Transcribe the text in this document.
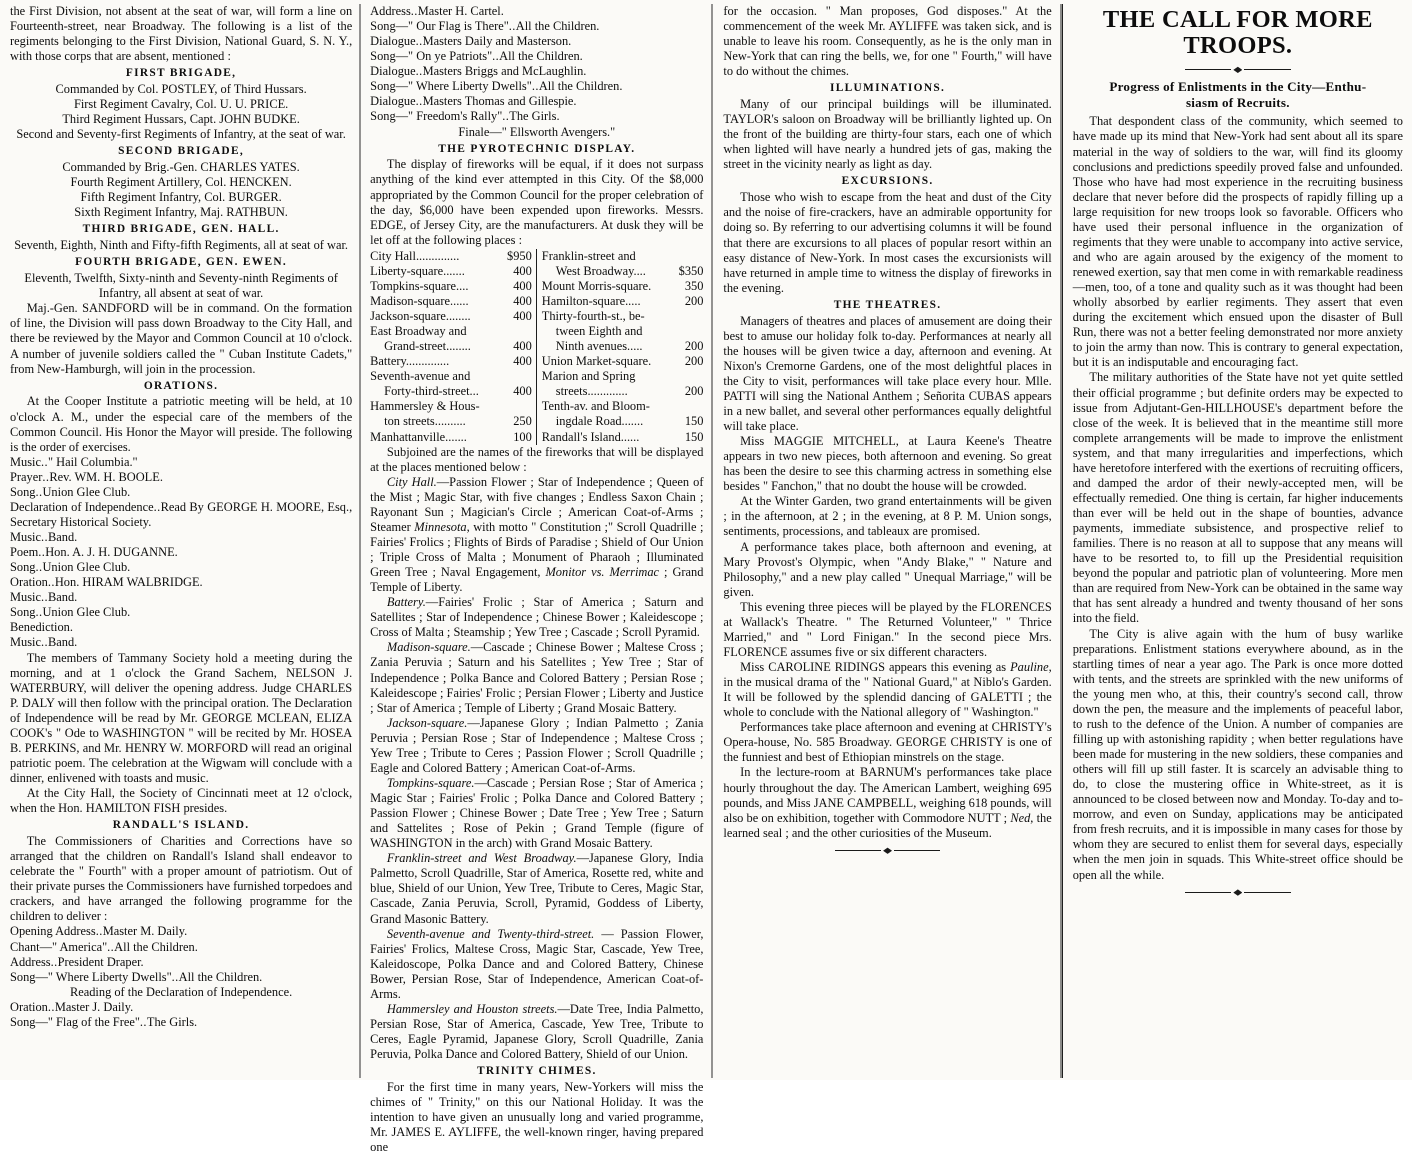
the First Division, not absent at the seat of war, will form a line on Fourteenth-street, near Broadway. The following is a list of the regiments belonging to the First Division, National Guard, S. N. Y., with those corps that are absent, mentioned :

FIRST BRIGADE,

Commanded by Col. POSTLEY, of Third Hussars.

First Regiment Cavalry, Col. U. U. PRICE.

Third Regiment Hussars, Capt. JOHN BUDKE.

Second and Seventy-first Regiments of Infantry, at the seat of war.

SECOND BRIGADE,

Commanded by Brig.-Gen. CHARLES YATES.

Fourth Regiment Artillery, Col. HENCKEN.

Fifth Regiment Infantry, Col. BURGER.

Sixth Regiment Infantry, Maj. RATHBUN.

THIRD BRIGADE, GEN. HALL.

Seventh, Eighth, Ninth and Fifty-fifth Regiments, all at seat of war.

FOURTH BRIGADE, GEN. EWEN.

Eleventh, Twelfth, Sixty-ninth and Seventy-ninth Regiments of Infantry, all absent at seat of war.

Maj.-Gen. SANDFORD will be in command. On the formation of line, the Division will pass down Broadway to the City Hall, and there be reviewed by the Mayor and Common Council at 10 o'clock. A number of juvenile soldiers called the " Cuban Institute Cadets," from New-Hamburgh, will join in the procession.

ORATIONS.

At the Cooper Institute a patriotic meeting will be held, at 10 o'clock A. M., under the especial care of the members of the Common Council. His Honor the Mayor will preside. The following is the order of exercises.

Music.." Hail Columbia."

Prayer..Rev. WM. H. BOOLE.

Song..Union Glee Club.

Declaration of Independence..Read By GEORGE H. MOORE, Esq., Secretary Historical Society.

Music..Band.

Poem..Hon. A. J. H. DUGANNE.

Song..Union Glee Club.

Oration..Hon. HIRAM WALBRIDGE.

Music..Band.

Song..Union Glee Club.

Benediction.

Music..Band.

The members of Tammany Society hold a meeting during the morning, and at 1 o'clock the Grand Sachem, NELSON J. WATERBURY, will deliver the opening address. Judge CHARLES P. DALY will then follow with the principal oration. The Declaration of Independence will be read by Mr. GEORGE MCLEAN, ELIZA COOK's " Ode to WASHINGTON " will be recited by Mr. HOSEA B. PERKINS, and Mr. HENRY W. MORFORD will read an original patriotic poem. The celebration at the Wigwam will conclude with a dinner, enlivened with toasts and music.

At the City Hall, the Society of Cincinnati meet at 12 o'clock, when the Hon. HAMILTON FISH presides.

RANDALL'S ISLAND.

The Commissioners of Charities and Corrections have so arranged that the children on Randall's Island shall endeavor to celebrate the " Fourth" with a proper amount of patriotism. Out of their private purses the Commissioners have furnished torpedoes and crackers, and have arranged the following programme for the children to deliver :

Opening Address..Master M. Daily.

Chant—" America"..All the Children.

Address..President Draper.

Song—" Where Liberty Dwells"..All the Children.

Reading of the Declaration of Independence.

Oration..Master J. Daily.

Song—" Flag of the Free"..The Girls.

Address..Master H. Cartel.

Song—" Our Flag is There"..All the Children.

Dialogue..Masters Daily and Masterson.

Song—" On ye Patriots"..All the Children.

Dialogue..Masters Briggs and McLaughlin.

Song—" Where Liberty Dwells"..All the Children.

Dialogue..Masters Thomas and Gillespie.

Song—" Freedom's Rally"..The Girls.

Finale—" Ellsworth Avengers."

THE PYROTECHNIC DISPLAY.

The display of fireworks will be equal, if it does not surpass anything of the kind ever attempted in this City. Of the $8,000 appropriated by the Common Council for the proper celebration of the day, $6,000 have been expended upon fireworks. Messrs. EDGE, of Jersey City, are the manufacturers. At dusk they will be let off at the following places :

City Hall..............	$950
Liberty-square.......	400
Tompkins-square....	400
Madison-square......	400
Jackson-square........	400
East Broadway and
Grand-street........	400
Battery..............	400
Seventh-avenue and
Forty-third-street...	400
Hammersley & Hous-
ton streets..........	250
Manhattanville.......	100
Franklin-street and
West Broadway....	$350
Mount Morris-square.	350
Hamilton-square.....	200
Thirty-fourth-st., be-
tween Eighth and
Ninth avenues.....	200
Union Market-square.	200
Marion and Spring
streets.............	200
Tenth-av. and Bloom-
ingdale Road.......	150
Randall's Island......	150

Subjoined are the names of the fireworks that will be displayed at the places mentioned below :

City Hall.—Passion Flower ; Star of Independence ; Queen of the Mist ; Magic Star, with five changes ; Endless Saxon Chain ; Rayonant Sun ; Magician's Circle ; American Coat-of-Arms ; Steamer Minnesota, with motto " Constitution ;" Scroll Quadrille ; Fairies' Frolics ; Flights of Birds of Paradise ; Shield of Our Union ; Triple Cross of Malta ; Monument of Pharaoh ; Illuminated Green Tree ; Naval Engagement, Monitor vs. Merrimac ; Grand Temple of Liberty.

Battery.—Fairies' Frolic ; Star of America ; Saturn and Satellites ; Star of Independence ; Chinese Bower ; Kaleidescope ; Cross of Malta ; Steamship ; Yew Tree ; Cascade ; Scroll Pyramid.

Madison-square.—Cascade ; Chinese Bower ; Maltese Cross ; Zania Peruvia ; Saturn and his Satellites ; Yew Tree ; Star of Independence ; Polka Bance and Colored Battery ; Persian Rose ; Kaleidescope ; Fairies' Frolic ; Persian Flower ; Liberty and Justice ; Star of America ; Temple of Liberty ; Grand Mosaic Battery.

Jackson-square.—Japanese Glory ; Indian Palmetto ; Zania Peruvia ; Persian Rose ; Star of Independence ; Maltese Cross ; Yew Tree ; Tribute to Ceres ; Passion Flower ; Scroll Quadrille ; Eagle and Colored Battery ; American Coat-of-Arms.

Tompkins-square.—Cascade ; Persian Rose ; Star of America ; Magic Star ; Fairies' Frolic ; Polka Dance and Colored Battery ; Passion Flower ; Chinese Bower ; Date Tree ; Yew Tree ; Saturn and Sattelites ; Rose of Pekin ; Grand Temple (figure of WASHINGTON in the arch) with Grand Mosaic Battery.

Franklin-street and West Broadway.—Japanese Glory, India Palmetto, Scroll Quadrille, Star of America, Rosette red, white and blue, Shield of our Union, Yew Tree, Tribute to Ceres, Magic Star, Cascade, Zania Peruvia, Scroll, Pyramid, Goddess of Liberty, Grand Masonic Battery.

Seventh-avenue and Twenty-third-street. — Passion Flower, Fairies' Frolics, Maltese Cross, Magic Star, Cascade, Yew Tree, Kaleidoscope, Polka Dance and and Colored Battery, Chinese Bower, Persian Rose, Star of Independence, American Coat-of-Arms.

Hammersley and Houston streets.—Date Tree, India Palmetto, Persian Rose, Star of America, Cascade, Yew Tree, Tribute to Ceres, Eagle Pyramid, Japanese Glory, Scroll Quadrille, Zania Peruvia, Polka Dance and Colored Battery, Shield of our Union.

TRINITY CHIMES.

For the first time in many years, New-Yorkers will miss the chimes of " Trinity," on this our National Holiday. It was the intention to have given an unusually long and varied programme, Mr. JAMES E. AYLIFFE, the well-known ringer, having prepared one

for the occasion. " Man proposes, God disposes." At the commencement of the week Mr. AYLIFFE was taken sick, and is unable to leave his room. Consequently, as he is the only man in New-York that can ring the bells, we, for one " Fourth," will have to do without the chimes.

ILLUMINATIONS.

Many of our principal buildings will be illuminated. TAYLOR's saloon on Broadway will be brilliantly lighted up. On the front of the building are thirty-four stars, each one of which when lighted will have nearly a hundred jets of gas, making the street in the vicinity nearly as light as day.

EXCURSIONS.

Those who wish to escape from the heat and dust of the City and the noise of fire-crackers, have an admirable opportunity for doing so. By referring to our advertising columns it will be found that there are excursions to all places of popular resort within an easy distance of New-York. In most cases the excursionists will have returned in ample time to witness the display of fireworks in the evening.

THE THEATRES.

Managers of theatres and places of amusement are doing their best to amuse our holiday folk to-day. Performances at nearly all the houses will be given twice a day, afternoon and evening. At Nixon's Cremorne Gardens, one of the most delightful places in the City to visit, performances will take place every hour. Mlle. PATTI will sing the National Anthem ; Señorita CUBAS appears in a new ballet, and several other performances equally delightful will take place.

Miss MAGGIE MITCHELL, at Laura Keene's Theatre appears in two new pieces, both afternoon and evening. So great has been the desire to see this charming actress in something else besides " Fanchon," that no doubt the house will be crowded.

At the Winter Garden, two grand entertainments will be given ; in the afternoon, at 2 ; in the evening, at 8 P. M. Union songs, sentiments, processions, and tableaux are promised.

A performance takes place, both afternoon and evening, at Mary Provost's Olympic, when "Andy Blake," " Nature and Philosophy," and a new play called " Unequal Marriage," will be given.

This evening three pieces will be played by the FLORENCES at Wallack's Theatre. " The Returned Volunteer," " Thrice Married," and " Lord Finigan." In the second piece Mrs. FLORENCE assumes five or six different characters.

Miss CAROLINE RIDINGS appears this evening as Pauline, in the musical drama of the " National Guard," at Niblo's Garden. It will be followed by the splendid dancing of GALETTI ; the whole to conclude with the National allegory of " Washington."

Performances take place afternoon and evening at CHRISTY's Opera-house, No. 585 Broadway. GEORGE CHRISTY is one of the funniest and best of Ethiopian minstrels on the stage.

In the lecture-room at BARNUM's performances take place hourly throughout the day. The American Lambert, weighing 695 pounds, and Miss JANE CAMPBELL, weighing 618 pounds, will also be on exhibition, together with Commodore NUTT ; Ned, the learned seal ; and the other curiosities of the Museum.

THE CALL FOR MORE TROOPS.
Progress of Enlistments in the City—Enthu-
siasm of Recruits.

That despondent class of the community, which seemed to have made up its mind that New-York had sent about all its spare material in the way of soldiers to the war, will find its gloomy conclusions and predictions speedily proved false and unfounded. Those who have had most experience in the recruiting business declare that never before did the prospects of rapidly filling up a large requisition for new troops look so favorable. Officers who have used their personal influence in the organization of regiments that they were unable to accompany into active service, and who are again aroused by the exigency of the moment to renewed exertion, say that men come in with remarkable readiness—men, too, of a tone and quality such as it was thought had been wholly absorbed by earlier regiments. They assert that even during the excitement which ensued upon the disaster of Bull Run, there was not a better feeling demonstrated nor more anxiety to join the army than now. This is contrary to general expectation, but it is an indisputable and encouraging fact.

The military authorities of the State have not yet quite settled their official programme ; but definite orders may be expected to issue from Adjutant-Gen-HILLHOUSE's department before the close of the week. It is believed that in the meantime still more complete arrangements will be made to improve the enlistment system, and that many irregularities and imperfections, which have heretofore interfered with the exertions of recruiting officers, and damped the ardor of their newly-accepted men, will be effectually remedied. One thing is certain, far higher inducements than ever will be held out in the shape of bounties, advance payments, immediate subsistence, and prospective relief to families. There is no reason at all to suppose that any means will have to be resorted to, to fill up the Presidential requisition beyond the popular and patriotic plan of volunteering. More men than are required from New-York can be obtained in the same way that has sent already a hundred and twenty thousand of her sons into the field.

The City is alive again with the hum of busy warlike preparations. Enlistment stations everywhere abound, as in the startling times of near a year ago. The Park is once more dotted with tents, and the streets are sprinkled with the new uniforms of the young men who, at this, their country's second call, throw down the pen, the measure and the implements of peaceful labor, to rush to the defence of the Union. A number of companies are filling up with astonishing rapidity ; when better regulations have been made for mustering in the new soldiers, these companies and others will fill up still faster. It is scarcely an advisable thing to do, to close the mustering office in White-street, as it is announced to be closed between now and Monday. To-day and to-morrow, and even on Sunday, applications may be anticipated from fresh recruits, and it is impossible in many cases for those by whom they are secured to enlist them for several days, especially when the men join in squads. This White-street office should be open all the while.
